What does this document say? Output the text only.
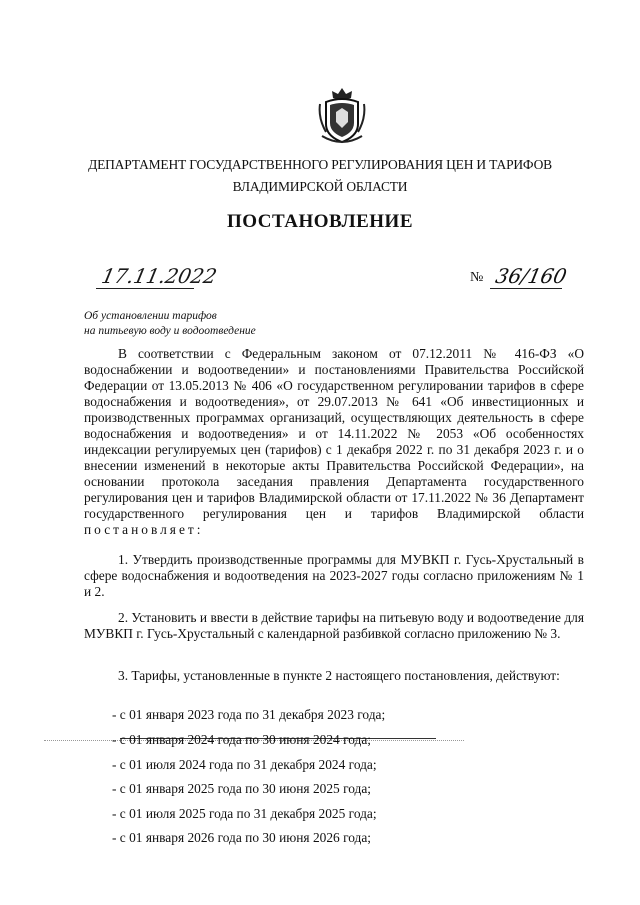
ДЕПАРТАМЕНТ ГОСУДАРСТВЕННОГО РЕГУЛИРОВАНИЯ ЦЕН И ТАРИФОВ
ВЛАДИМИРСКОЙ ОБЛАСТИ
ПОСТАНОВЛЕНИЕ
17.11.2022	№ 36/160
Об установлении тарифов
на питьевую воду и водоотведение
В соответствии с Федеральным законом от 07.12.2011 № 416-ФЗ «О водоснабжении и водоотведении» и постановлениями Правительства Российской Федерации от 13.05.2013 № 406 «О государственном регулировании тарифов в сфере водоснабжения и водоотведения», от 29.07.2013 № 641 «Об инвестиционных и производственных программах организаций, осуществляющих деятельность в сфере водоснабжения и водоотведения» и от 14.11.2022 № 2053 «Об особенностях индексации регулируемых цен (тарифов) с 1 декабря 2022 г. по 31 декабря 2023 г. и о внесении изменений в некоторые акты Правительства Российской Федерации», на основании протокола заседания правления Департамента государственного регулирования цен и тарифов Владимирской области от 17.11.2022 № 36 Департамент государственного регулирования цен и тарифов Владимирской области постановляет:
1. Утвердить производственные программы для МУВКП г. Гусь-Хрустальный в сфере водоснабжения и водоотведения на 2023-2027 годы согласно приложениям № 1 и 2.
2. Установить и ввести в действие тарифы на питьевую воду и водоотведение для МУВКП г. Гусь-Хрустальный с календарной разбивкой согласно приложению № 3.
3. Тарифы, установленные в пункте 2 настоящего постановления, действуют:
- с 01 января 2023 года по 31 декабря 2023 года;
- с 01 января 2024 года по 30 июня 2024 года;
- с 01 июля 2024 года по 31 декабря 2024 года;
- с 01 января 2025 года по 30 июня 2025 года;
- с 01 июля 2025 года по 31 декабря 2025 года;
- с 01 января 2026 года по 30 июня 2026 года;
